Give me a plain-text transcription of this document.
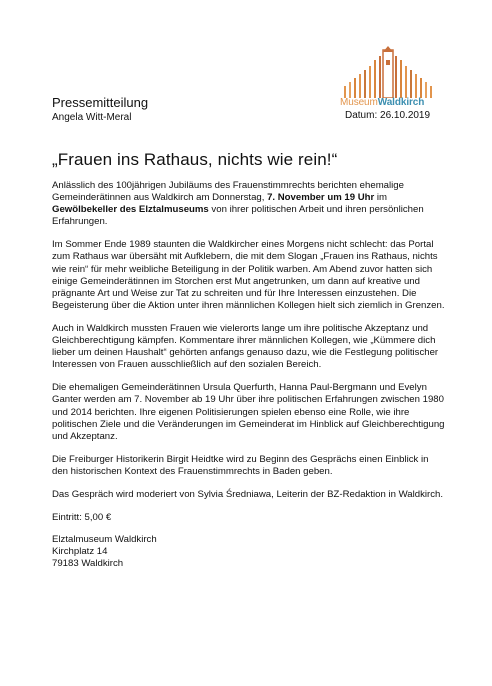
MuseumWaldkirch
Pressemitteilung
Angela Witt-Meral	Datum: 26.10.2019
„Frauen ins Rathaus, nichts wie rein!“

Anlässlich des 100jährigen Jubiläums des Frauenstimmrechts berichten ehemalige Gemeinderätinnen aus Waldkirch am Donnerstag, 7. November um 19 Uhr im Gewölbekeller des Elztalmuseums von ihrer politischen Arbeit und ihren persönlichen Erfahrungen.

Im Sommer Ende 1989 staunten die Waldkircher eines Morgens nicht schlecht: das Portal zum Rathaus war übersäht mit Aufklebern, die mit dem Slogan „Frauen ins Rathaus, nichts wie rein“ für mehr weibliche Beteiligung in der Politik warben. Am Abend zuvor hatten sich einige Gemeinderätinnen im Storchen erst Mut angetrunken, um dann auf kreative und prägnante Art und Weise zur Tat zu schreiten und für Ihre Interessen einzustehen. Die Begeisterung über die Aktion unter ihren männlichen Kollegen hielt sich ziemlich in Grenzen.

Auch in Waldkirch mussten Frauen wie vielerorts lange um ihre politische Akzeptanz und Gleichberechtigung kämpfen. Kommentare ihrer männlichen Kollegen, wie „Kümmere dich lieber um deinen Haushalt“ gehörten anfangs genauso dazu, wie die Festlegung politischer Interessen von Frauen ausschließlich auf den sozialen Bereich.

Die ehemaligen Gemeinderätinnen Ursula Querfurth, Hanna Paul-Bergmann und Evelyn Ganter werden am 7. November ab 19 Uhr über ihre politischen Erfahrungen zwischen 1980 und 2014 berichten. Ihre eigenen Politisierungen spielen ebenso eine Rolle, wie ihre politischen Ziele und die Veränderungen im Gemeinderat im Hinblick auf Gleichberechtigung und Akzeptanz.

Die Freiburger Historikerin Birgit Heidtke wird zu Beginn des Gesprächs einen Einblick in den historischen Kontext des Frauenstimmrechts in Baden geben.

Das Gespräch wird moderiert von Sylvia Średniawa, Leiterin der BZ-Redaktion in Waldkirch.

Eintritt: 5,00 €
Elztalmuseum Waldkirch
Kirchplatz 14
79183 Waldkirch
